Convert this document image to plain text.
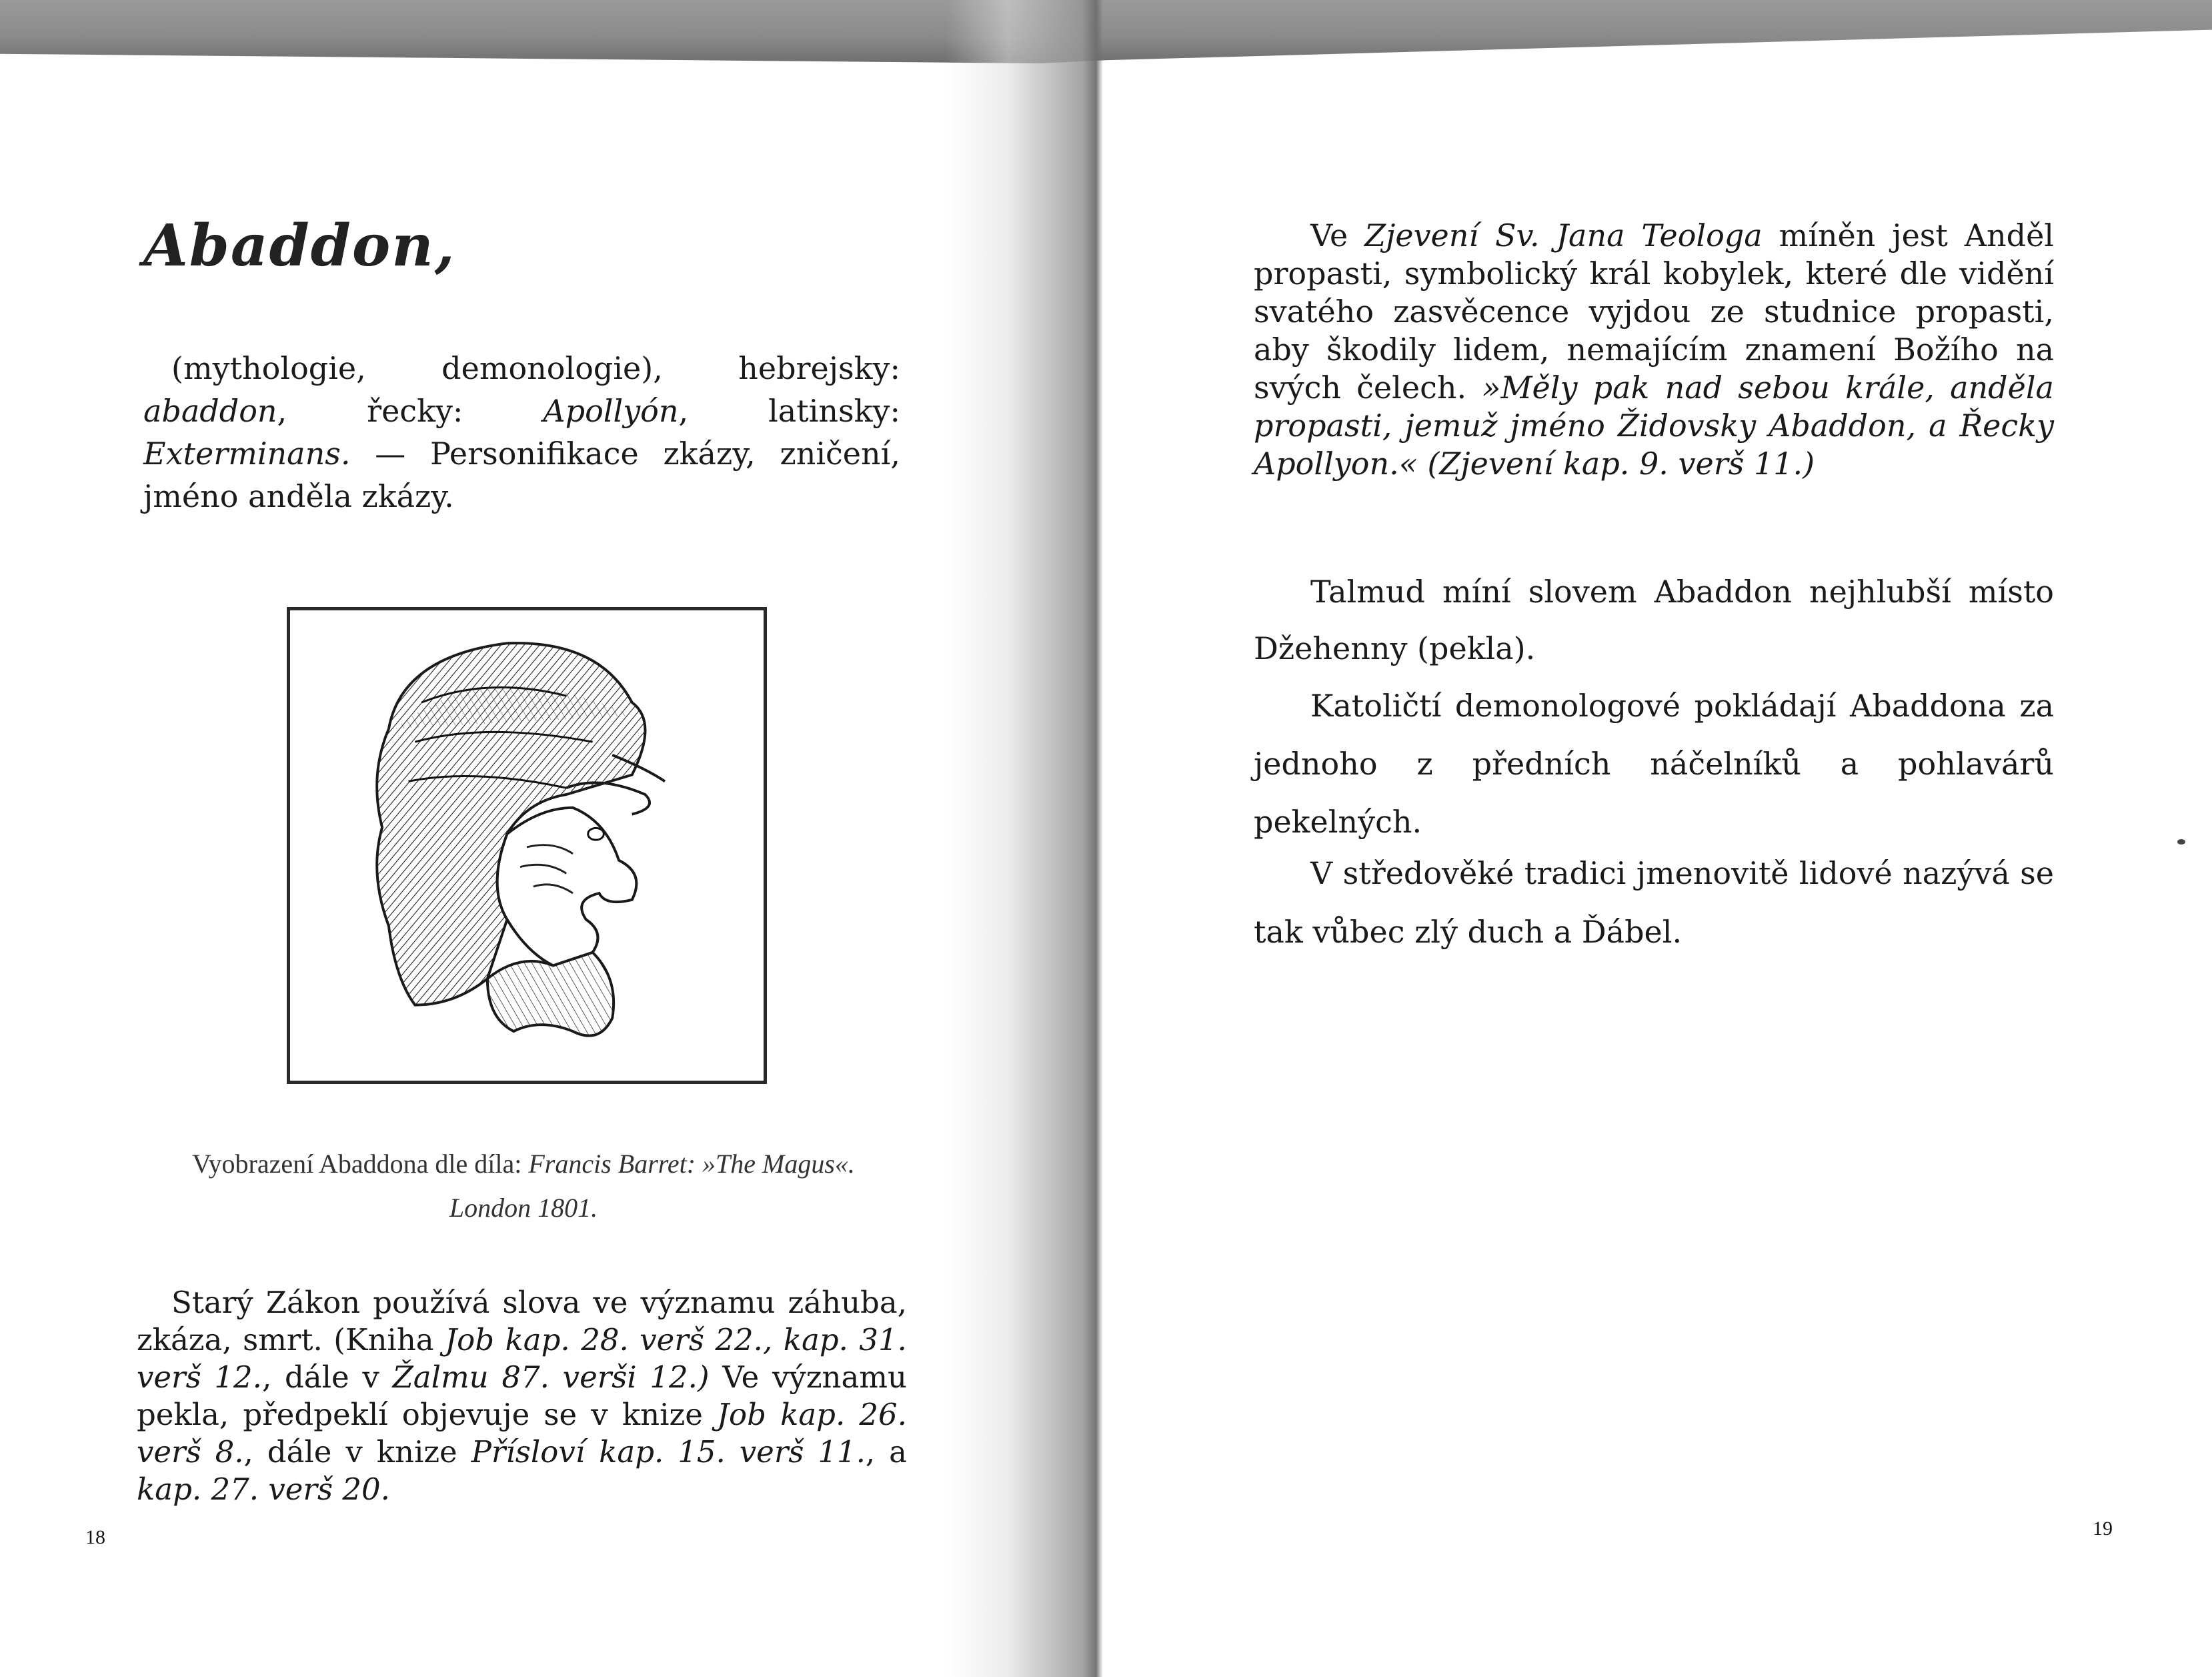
Abaddon,

(mythologie, demonologie), hebrejsky: abaddon, řecky: Apollyón, latinsky: Exterminans. — Personifikace zkázy, zničení, jméno anděla zkázy.

Vyobrazení Abaddona dle díla: Francis Barret: »The Magus«. London 1801.

Starý Zákon používá slova ve významu záhuba, zkáza, smrt. (Kniha Job kap. 28. verš 22., kap. 31. verš 12., dále v Žalmu 87. verši 12.) Ve významu pekla, předpeklí objevuje se v knize Job kap. 26. verš 8., dále v knize Přísloví kap. 15. verš 11., a kap. 27. verš 20.

18

Ve Zjevení Sv. Jana Teologa míněn jest Anděl propasti, symbolický král kobylek, které dle vidění svatého zasvěcence vyjdou ze studnice propasti, aby škodily lidem, nemajícím znamení Božího na svých čelech. »Měly pak nad sebou krále, anděla propasti, jemuž jméno Židovsky Abaddon, a Řecky Apollyon.« (Zjevení kap. 9. verš 11.)

Talmud míní slovem Abaddon nejhlubší místo Džehenny (pekla).

Katoličtí demonologové pokládají Abaddona za jednoho z předních náčelníků a pohlavárů pekelných.

V středověké tradici jmenovitě lidové nazývá se tak vůbec zlý duch a Ďábel.

19
